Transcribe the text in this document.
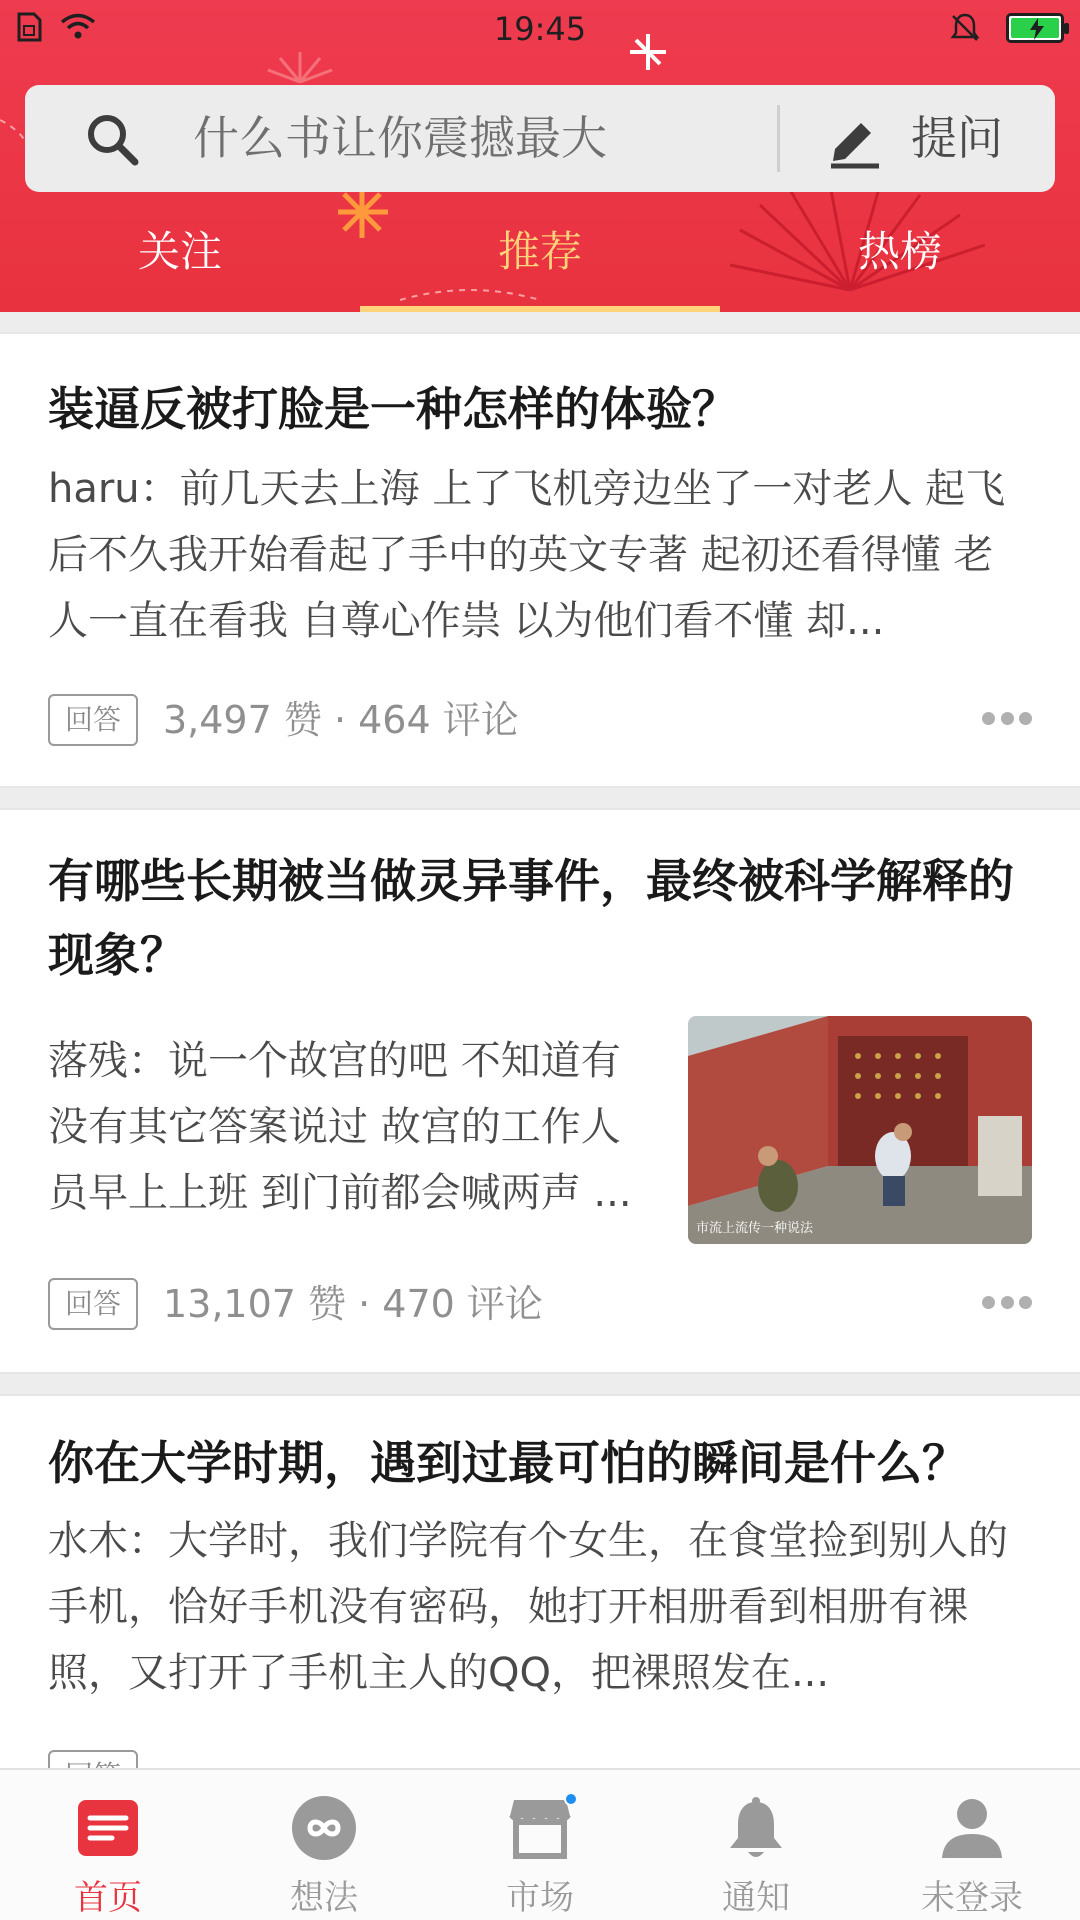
19:45
什么书让你震撼最大	提问
关注	推荐	热榜
装逼反被打脸是一种怎样的体验？
haru：前几天去上海 上了飞机旁边坐了一对老人 起飞后不久我开始看起了手中的英文专著 起初还看得懂 老人一直在看我 自尊心作祟 以为他们看不懂 却...
回答	3,497 赞 · 464 评论
有哪些长期被当做灵异事件，最终被科学解释的现象？
落残：说一个故宫的吧 不知道有没有其它答案说过 故宫的工作人员早上上班 到门前都会喊两声 ...
市流上流传一种说法
回答	13,107 赞 · 470 评论
你在大学时期，遇到过最可怕的瞬间是什么？
水木：大学时，我们学院有个女生，在食堂捡到别人的手机，恰好手机没有密码，她打开相册看到相册有裸照，又打开了手机主人的QQ，把裸照发在...
首页	想法	市场	通知	未登录
